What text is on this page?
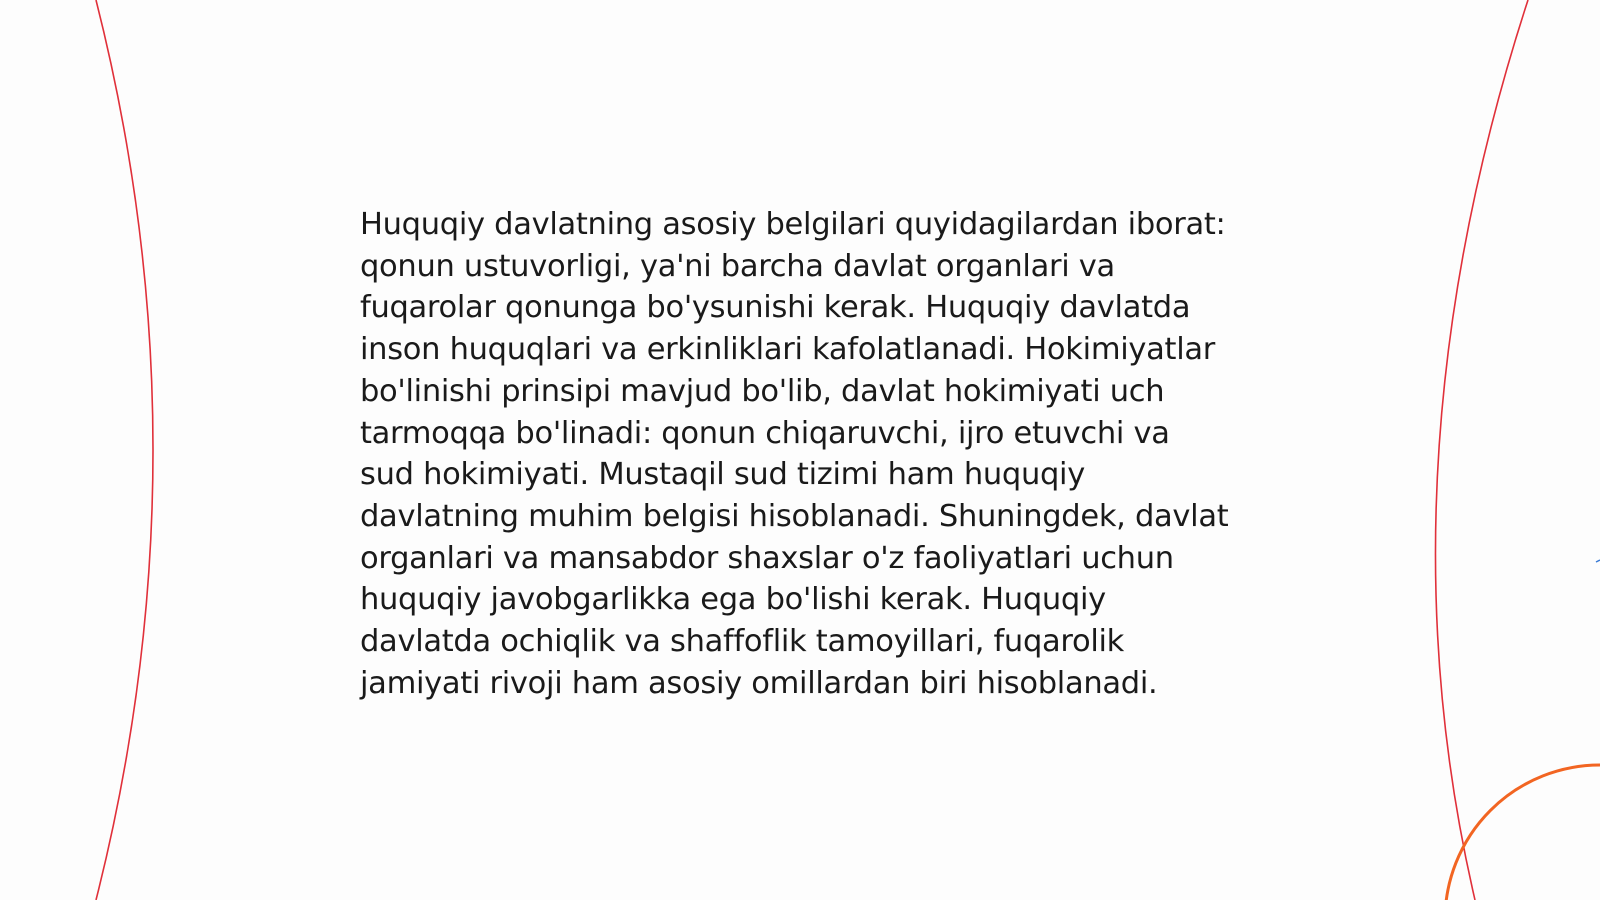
Huquqiy davlatning asosiy belgilari quyidagilardan iborat: qonun ustuvorligi, ya'ni barcha davlat organlari va fuqarolar qonunga bo'ysunishi kerak. Huquqiy davlatda inson huquqlari va erkinliklari kafolatlanadi. Hokimiyatlar bo'linishi prinsipi mavjud bo'lib, davlat hokimiyati uch tarmoqqa bo'linadi: qonun chiqaruvchi, ijro etuvchi va sud hokimiyati. Mustaqil sud tizimi ham huquqiy davlatning muhim belgisi hisoblanadi. Shuningdek, davlat organlari va mansabdor shaxslar o'z faoliyatlari uchun huquqiy javobgarlikka ega bo'lishi kerak. Huquqiy davlatda ochiqlik va shaffoflik tamoyillari, fuqarolik jamiyati rivoji ham asosiy omillardan biri hisoblanadi.
